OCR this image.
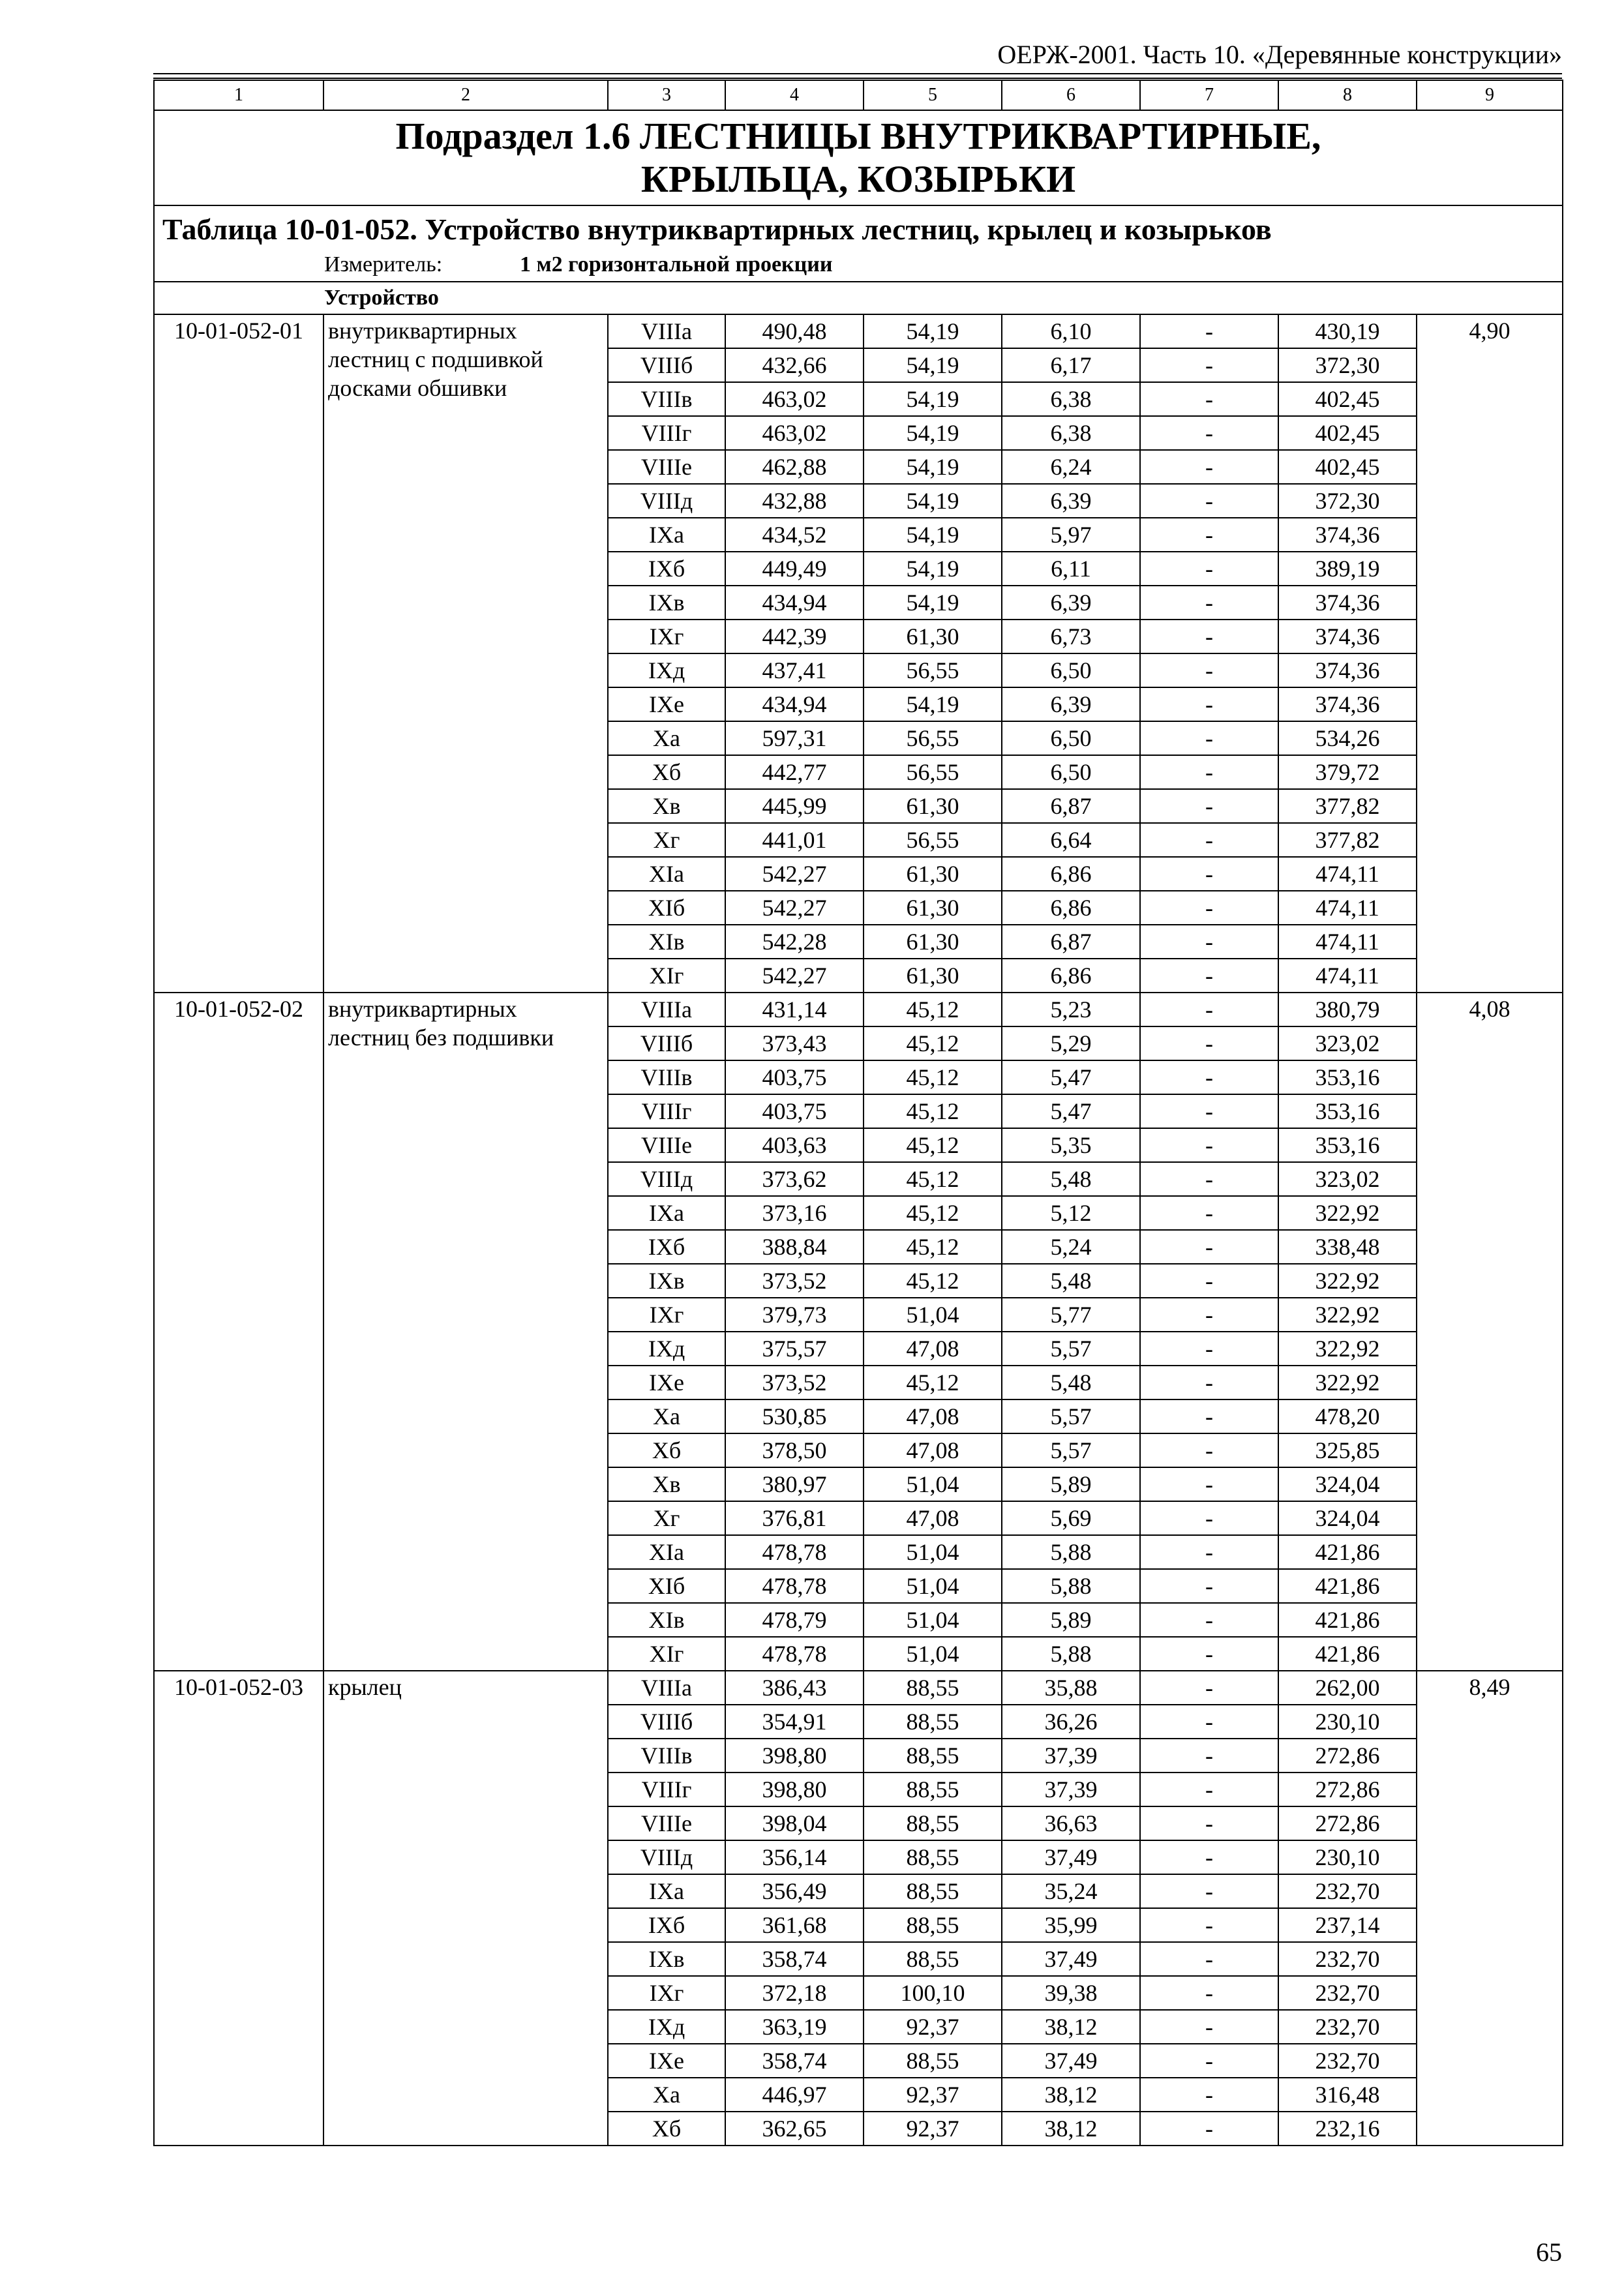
ОЕРЖ-2001. Часть 10. «Деревянные конструкции»
1	2	3	4	5	6	7	8	9
Подраздел 1.6 ЛЕСТНИЦЫ ВНУТРИКВАРТИРНЫЕ, КРЫЛЬЦА, КОЗЫРЬКИ								
Таблица 10-01-052. Устройство внутриквартирных лестниц, крылец и козырьков								
Измеритель: 1 м2 горизонтальной проекции								
Устройство								
10-01-052-01	внутриквартирных лестниц с подшивкой досками обшивки	VIIIа	490,48	54,19	6,10	-	430,19	4,90
		VIIIб	432,66	54,19	6,17	-	372,30	
		VIIIв	463,02	54,19	6,38	-	402,45	
		VIIIг	463,02	54,19	6,38	-	402,45	
		VIIIе	462,88	54,19	6,24	-	402,45	
		VIIIд	432,88	54,19	6,39	-	372,30	
		IXа	434,52	54,19	5,97	-	374,36	
		IXб	449,49	54,19	6,11	-	389,19	
		IXв	434,94	54,19	6,39	-	374,36	
		IXг	442,39	61,30	6,73	-	374,36	
		IXд	437,41	56,55	6,50	-	374,36	
		IXе	434,94	54,19	6,39	-	374,36	
		Xа	597,31	56,55	6,50	-	534,26	
		Xб	442,77	56,55	6,50	-	379,72	
		Xв	445,99	61,30	6,87	-	377,82	
		Xг	441,01	56,55	6,64	-	377,82	
		XIа	542,27	61,30	6,86	-	474,11	
		XIб	542,27	61,30	6,86	-	474,11	
		XIв	542,28	61,30	6,87	-	474,11	
		XIг	542,27	61,30	6,86	-	474,11	
10-01-052-02	внутриквартирных лестниц без подшивки	VIIIа	431,14	45,12	5,23	-	380,79	4,08
		VIIIб	373,43	45,12	5,29	-	323,02	
		VIIIв	403,75	45,12	5,47	-	353,16	
		VIIIг	403,75	45,12	5,47	-	353,16	
		VIIIе	403,63	45,12	5,35	-	353,16	
		VIIIд	373,62	45,12	5,48	-	323,02	
		IXа	373,16	45,12	5,12	-	322,92	
		IXб	388,84	45,12	5,24	-	338,48	
		IXв	373,52	45,12	5,48	-	322,92	
		IXг	379,73	51,04	5,77	-	322,92	
		IXд	375,57	47,08	5,57	-	322,92	
		IXе	373,52	45,12	5,48	-	322,92	
		Xа	530,85	47,08	5,57	-	478,20	
		Xб	378,50	47,08	5,57	-	325,85	
		Xв	380,97	51,04	5,89	-	324,04	
		Xг	376,81	47,08	5,69	-	324,04	
		XIа	478,78	51,04	5,88	-	421,86	
		XIб	478,78	51,04	5,88	-	421,86	
		XIв	478,79	51,04	5,89	-	421,86	
		XIг	478,78	51,04	5,88	-	421,86	
10-01-052-03	крылец	VIIIа	386,43	88,55	35,88	-	262,00	8,49
		VIIIб	354,91	88,55	36,26	-	230,10	
		VIIIв	398,80	88,55	37,39	-	272,86	
		VIIIг	398,80	88,55	37,39	-	272,86	
		VIIIе	398,04	88,55	36,63	-	272,86	
		VIIIд	356,14	88,55	37,49	-	230,10	
		IXа	356,49	88,55	35,24	-	232,70	
		IXб	361,68	88,55	35,99	-	237,14	
		IXв	358,74	88,55	37,49	-	232,70	
		IXг	372,18	100,10	39,38	-	232,70	
		IXд	363,19	92,37	38,12	-	232,70	
		IXе	358,74	88,55	37,49	-	232,70	
		Xа	446,97	92,37	38,12	-	316,48	
		Xб	362,65	92,37	38,12	-	232,16	
65
